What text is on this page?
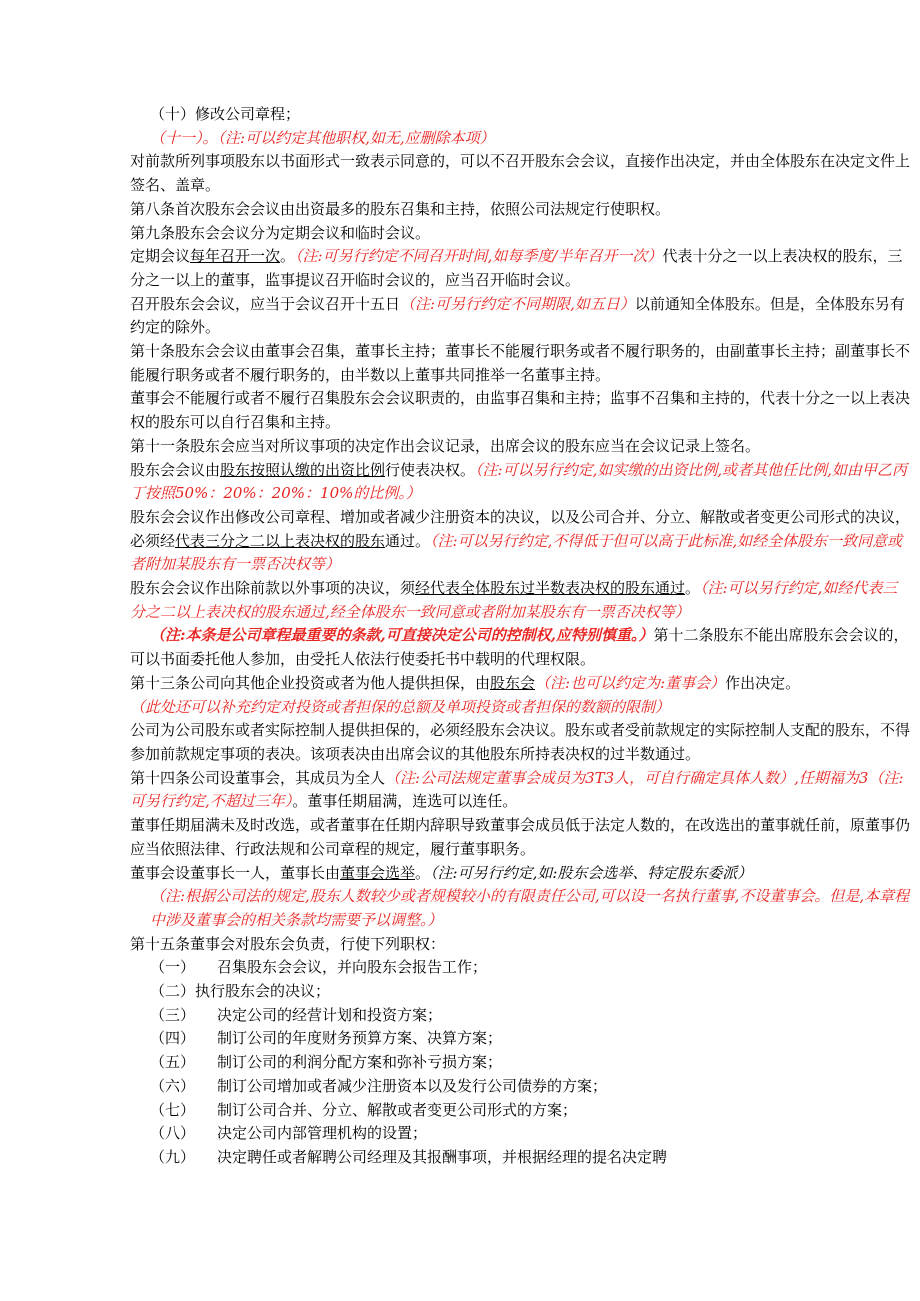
（十）修改公司章程；

（十一）。（注:可以约定其他职权,如无,应删除本项）

对前款所列事项股东以书面形式一致表示同意的，可以不召开股东会会议，直接作出决定，并由全体股东在决定文件上签名、盖章。

第八条首次股东会会议由出资最多的股东召集和主持，依照公司法规定行使职权。

第九条股东会会议分为定期会议和临时会议。

定期会议每年召开一次。（注:可另行约定不同召开时间,如每季度/半年召开一次）代表十分之一以上表决权的股东，三分之一以上的董事，监事提议召开临时会议的，应当召开临时会议。

召开股东会会议，应当于会议召开十五日（注:可另行约定不同期限,如五日）以前通知全体股东。但是，全体股东另有约定的除外。

第十条股东会会议由董事会召集，董事长主持；董事长不能履行职务或者不履行职务的，由副董事长主持；副董事长不能履行职务或者不履行职务的，由半数以上董事共同推举一名董事主持。

董事会不能履行或者不履行召集股东会会议职责的，由监事召集和主持；监事不召集和主持的，代表十分之一以上表决权的股东可以自行召集和主持。

第十一条股东会应当对所议事项的决定作出会议记录，出席会议的股东应当在会议记录上签名。

股东会会议由股东按照认缴的出资比例行使表决权。（注:可以另行约定,如实缴的出资比例,或者其他任比例,如由甲乙丙丁按照50%：20%：20%：10%的比例。）

股东会会议作出修改公司章程、增加或者减少注册资本的决议，以及公司合并、分立、解散或者变更公司形式的决议，必须经代表三分之二以上表决权的股东通过。（注:可以另行约定,不得低于但可以高于此标准,如经全体股东一致同意或者附加某股东有一票否决权等）

股东会会议作出除前款以外事项的决议，须经代表全体股东过半数表决权的股东通过。（注:可以另行约定,如经代表三分之二以上表决权的股东通过,经全体股东一致同意或者附加某股东有一票否决权等）

（注:本条是公司章程最重要的条款,可直接决定公司的控制权,应特别慎重。）第十二条股东不能出席股东会会议的，可以书面委托他人参加，由受托人依法行使委托书中载明的代理权限。

第十三条公司向其他企业投资或者为他人提供担保，由股东会（注:也可以约定为:董事会）作出决定。

（此处还可以补充约定对投资或者担保的总额及单项投资或者担保的数额的限制）

公司为公司股东或者实际控制人提供担保的，必须经股东会决议。股东或者受前款规定的实际控制人支配的股东，不得参加前款规定事项的表决。该项表决由出席会议的其他股东所持表决权的过半数通过。

第十四条公司设董事会，其成员为全人（注:公司法规定董事会成员为3T3人，可自行确定具体人数）,任期福为3（注:可另行约定,不超过三年）。董事任期届满，连选可以连任。

董事任期届满未及时改选，或者董事在任期内辞职导致董事会成员低于法定人数的，在改选出的董事就任前，原董事仍应当依照法律、行政法规和公司章程的规定，履行董事职务。

董事会设董事长一人，董事长由董事会选举。（注:可另行约定,如:股东会选举、特定股东委派）

（注:根据公司法的规定,股东人数较少或者规模较小的有限责任公司,可以设一名执行董事,不设董事会。但是,本章程中涉及董事会的相关条款均需要予以调整。）

第十五条董事会对股东会负责，行使下列职权：

（一） 召集股东会会议，并向股东会报告工作；

（二）执行股东会的决议；

（三） 决定公司的经营计划和投资方案；

（四） 制订公司的年度财务预算方案、决算方案；

（五） 制订公司的利润分配方案和弥补亏损方案；

（六） 制订公司增加或者减少注册资本以及发行公司债券的方案；

（七） 制订公司合并、分立、解散或者变更公司形式的方案；

（八） 决定公司内部管理机构的设置；

（九） 决定聘任或者解聘公司经理及其报酬事项，并根据经理的提名决定聘
